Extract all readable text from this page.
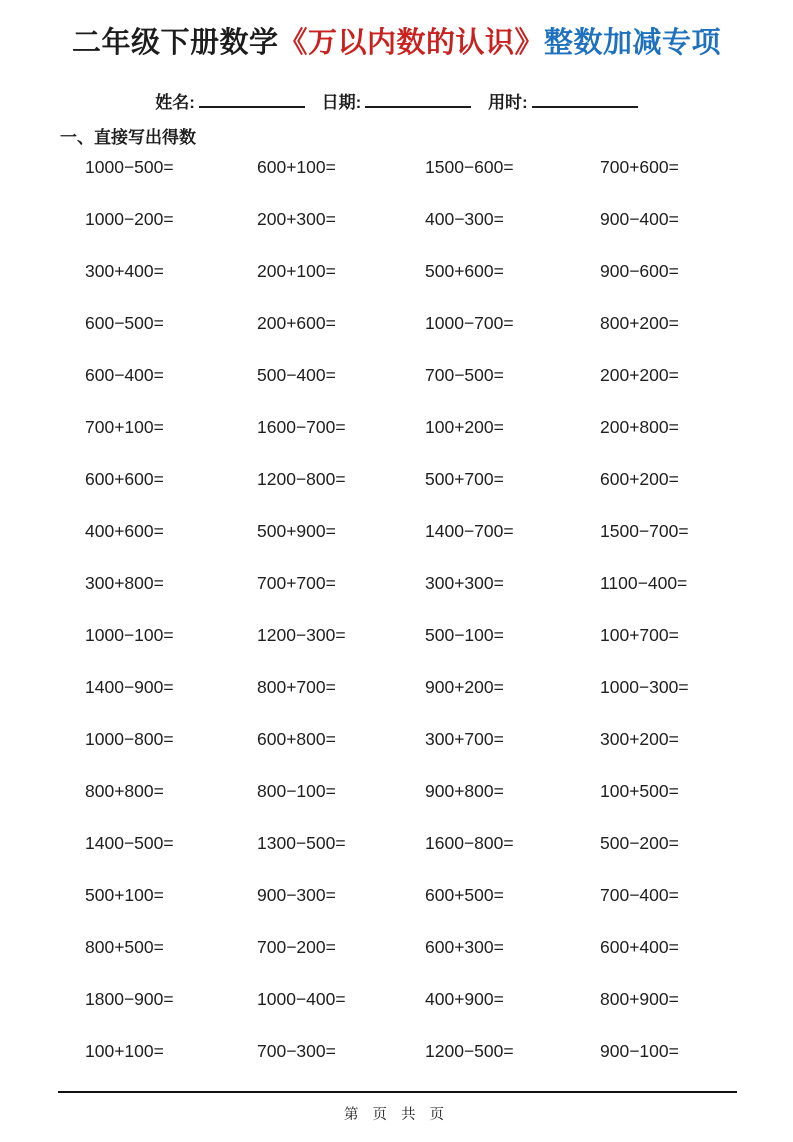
二年级下册数学《万以内数的认识》整数加减专项
姓名:	日期:	用时:
一、直接写出得数
1000−500=	600+100=	1500−600=	700+600=
1000−200=	200+300=	400−300=	900−400=
300+400=	200+100=	500+600=	900−600=
600−500=	200+600=	1000−700=	800+200=
600−400=	500−400=	700−500=	200+200=
700+100=	1600−700=	100+200=	200+800=
600+600=	1200−800=	500+700=	600+200=
400+600=	500+900=	1400−700=	1500−700=
300+800=	700+700=	300+300=	1100−400=
1000−100=	1200−300=	500−100=	100+700=
1400−900=	800+700=	900+200=	1000−300=
1000−800=	600+800=	300+700=	300+200=
800+800=	800−100=	900+800=	100+500=
1400−500=	1300−500=	1600−800=	500−200=
500+100=	900−300=	600+500=	700−400=
800+500=	700−200=	600+300=	600+400=
1800−900=	1000−400=	400+900=	800+900=
100+100=	700−300=	1200−500=	900−100=
第 页 共 页
